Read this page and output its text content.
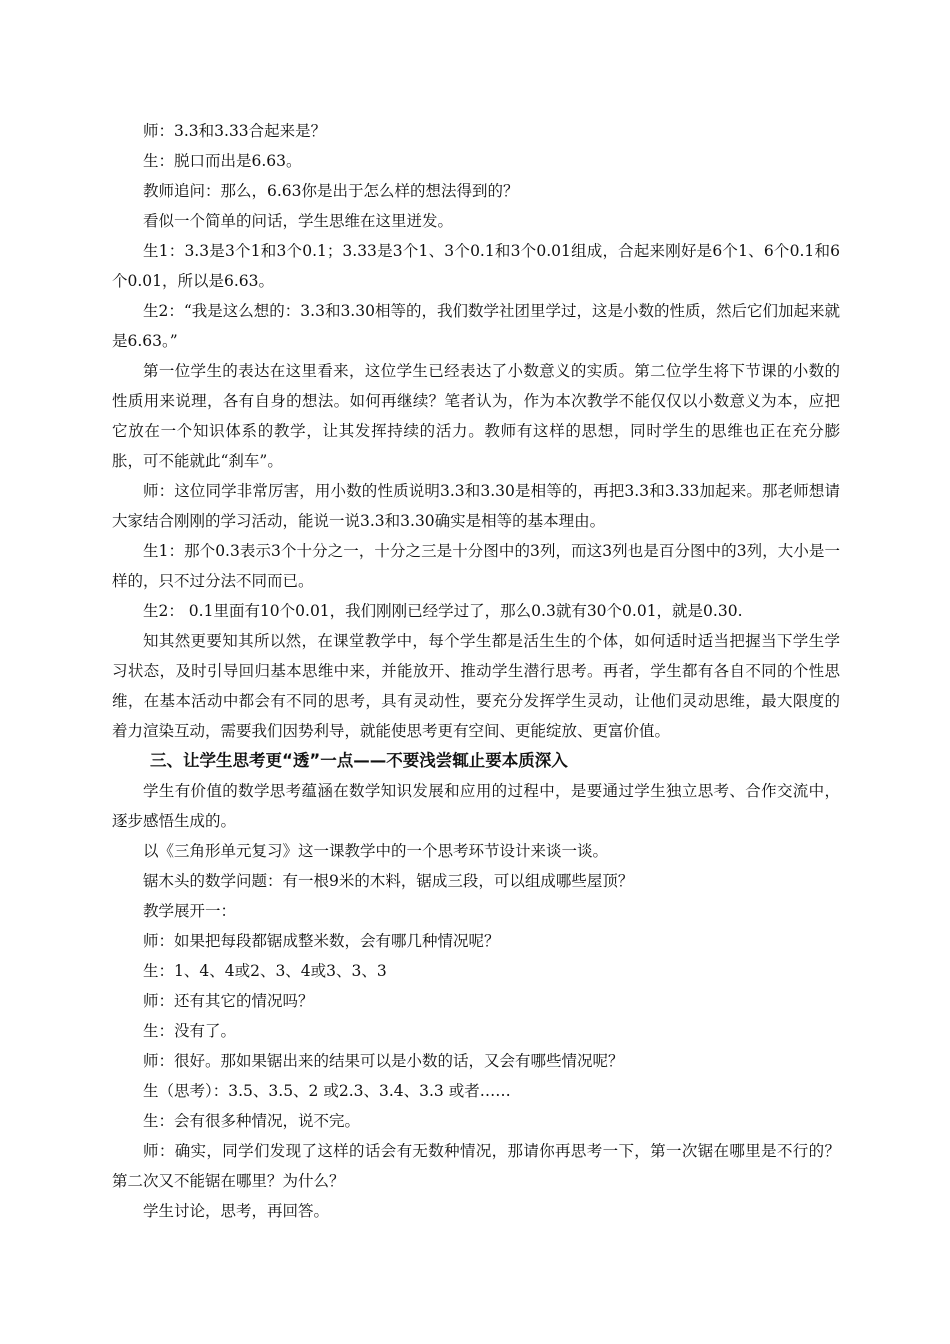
师：3.3和3.33合起来是？

生：脱口而出是6.63。

教师追问：那么，6.63你是出于怎么样的想法得到的？

看似一个简单的问话，学生思维在这里迸发。

生1：3.3是3个1和3个0.1；3.33是3个1、3个0.1和3个0.01组成，合起来刚好是6个1、6个0.1和6个0.01，所以是6.63。

生2：“我是这么想的：3.3和3.30相等的，我们数学社团里学过，这是小数的性质，然后它们加起来就是6.63。”

第一位学生的表达在这里看来，这位学生已经表达了小数意义的实质。第二位学生将下节课的小数的性质用来说理，各有自身的想法。如何再继续？笔者认为，作为本次教学不能仅仅以小数意义为本，应把它放在一个知识体系的教学，让其发挥持续的活力。教师有这样的思想，同时学生的思维也正在充分膨胀，可不能就此“刹车”。

师：这位同学非常厉害，用小数的性质说明3.3和3.30是相等的，再把3.3和3.33加起来。那老师想请大家结合刚刚的学习活动，能说一说3.3和3.30确实是相等的基本理由。

生1：那个0.3表示3个十分之一，十分之三是十分图中的3列，而这3列也是百分图中的3列，大小是一样的，只不过分法不同而已。

生2： 0.1里面有10个0.01，我们刚刚已经学过了，那么0.3就有30个0.01，就是0.30.

知其然更要知其所以然，在课堂教学中，每个学生都是活生生的个体，如何适时适当把握当下学生学习状态，及时引导回归基本思维中来，并能放开、推动学生潜行思考。再者，学生都有各自不同的个性思维，在基本活动中都会有不同的思考，具有灵动性，要充分发挥学生灵动，让他们灵动思维，最大限度的着力渲染互动，需要我们因势利导，就能使思考更有空间、更能绽放、更富价值。

三、让学生思考更“透”一点——不要浅尝辄止要本质深入

学生有价值的数学思考蕴涵在数学知识发展和应用的过程中，是要通过学生独立思考、合作交流中，逐步感悟生成的。

以《三角形单元复习》这一课教学中的一个思考环节设计来谈一谈。

锯木头的数学问题：有一根9米的木料，锯成三段，可以组成哪些屋顶？

教学展开一：

师：如果把每段都锯成整米数，会有哪几种情况呢？

生：1、4、4或2、3、4或3、3、3

师：还有其它的情况吗？

生：没有了。

师：很好。那如果锯出来的结果可以是小数的话，又会有哪些情况呢？

生（思考）：3.5、3.5、2 或2.3、3.4、3.3 或者……

生：会有很多种情况，说不完。

师：确实，同学们发现了这样的话会有无数种情况，那请你再思考一下，第一次锯在哪里是不行的？第二次又不能锯在哪里？为什么？

学生讨论，思考，再回答。
